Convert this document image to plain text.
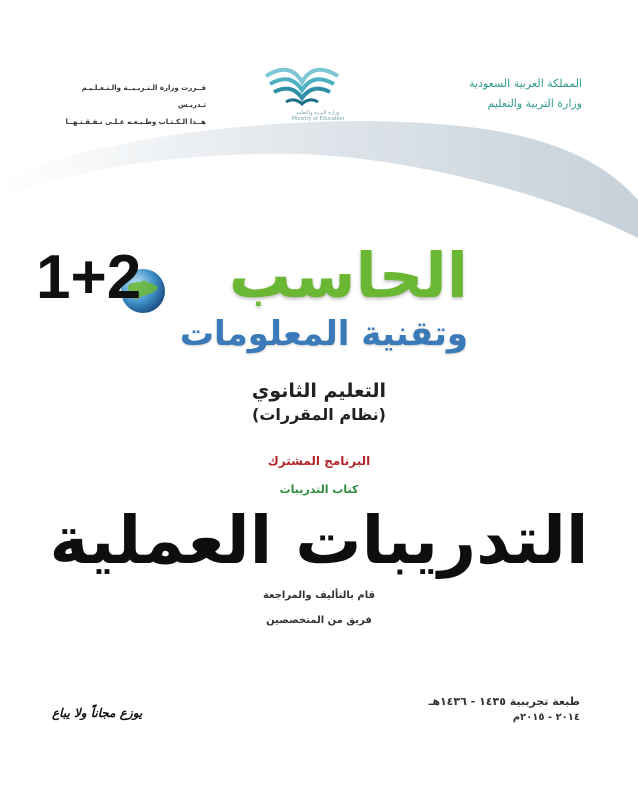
المملكة العربية السعودية
وزارة التربية والتعليم
وزارة التربية والتعليم
Ministry of Education
قــررت وزارة الـتـربـيــة والـتـعـلـيـم تـدريـس
هــذا الـكـتـاب وطـبـعـه عـلـى نـفـقـتـهــا
الحاسب
وتقنية المعلومات
1+2
التعليم الثانوي
(نظام المقررات)
البرنامج المشترك
كتاب التدريبات
التدريبات العملية
قام بالتأليف والمراجعة
فريق من المتخصصين
طبعة تجريبية ١٤٣٥ - ١٤٣٦هـ
٢٠١٤ - ٢٠١٥م
يوزع مجاناً ولا يباع
